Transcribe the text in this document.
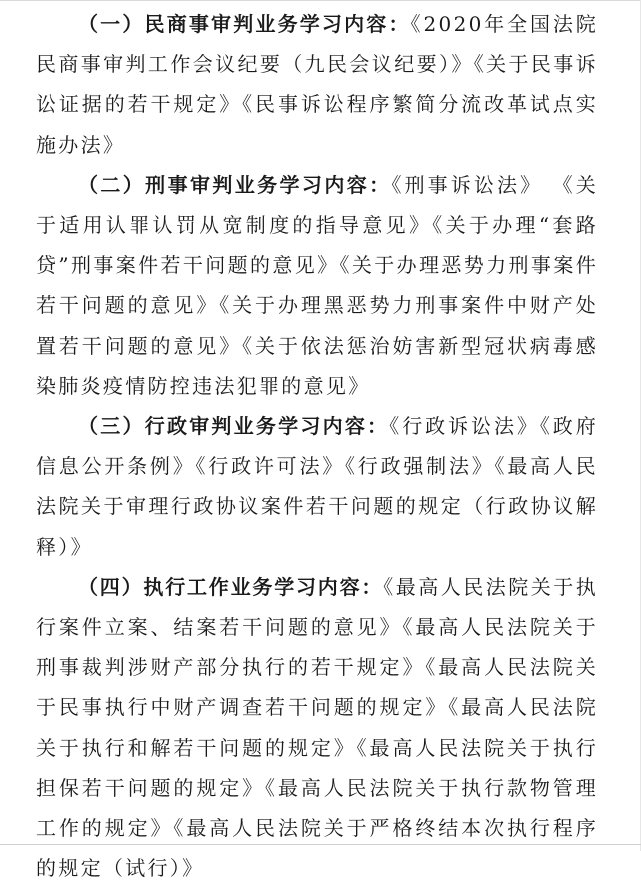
（一）民商事审判业务学习内容：《2020年全国法院民商事审判工作会议纪要（九民会议纪要）》《关于民事诉讼证据的若干规定》《民事诉讼程序繁简分流改革试点实施办法》

（二）刑事审判业务学习内容：《刑事诉讼法》 《关于适用认罪认罚从宽制度的指导意见》《关于办理“套路贷”刑事案件若干问题的意见》《关于办理恶势力刑事案件若干问题的意见》《关于办理黑恶势力刑事案件中财产处置若干问题的意见》《关于依法惩治妨害新型冠状病毒感染肺炎疫情防控违法犯罪的意见》

（三）行政审判业务学习内容：《行政诉讼法》《政府信息公开条例》《行政许可法》《行政强制法》《最高人民法院关于审理行政协议案件若干问题的规定（行政协议解释）》

（四）执行工作业务学习内容：《最高人民法院关于执行案件立案、结案若干问题的意见》《最高人民法院关于刑事裁判涉财产部分执行的若干规定》《最高人民法院关于民事执行中财产调查若干问题的规定》《最高人民法院关于执行和解若干问题的规定》《最高人民法院关于执行担保若干问题的规定》《最高人民法院关于执行款物管理工作的规定》《最高人民法院关于严格终结本次执行程序的规定（试行）》
